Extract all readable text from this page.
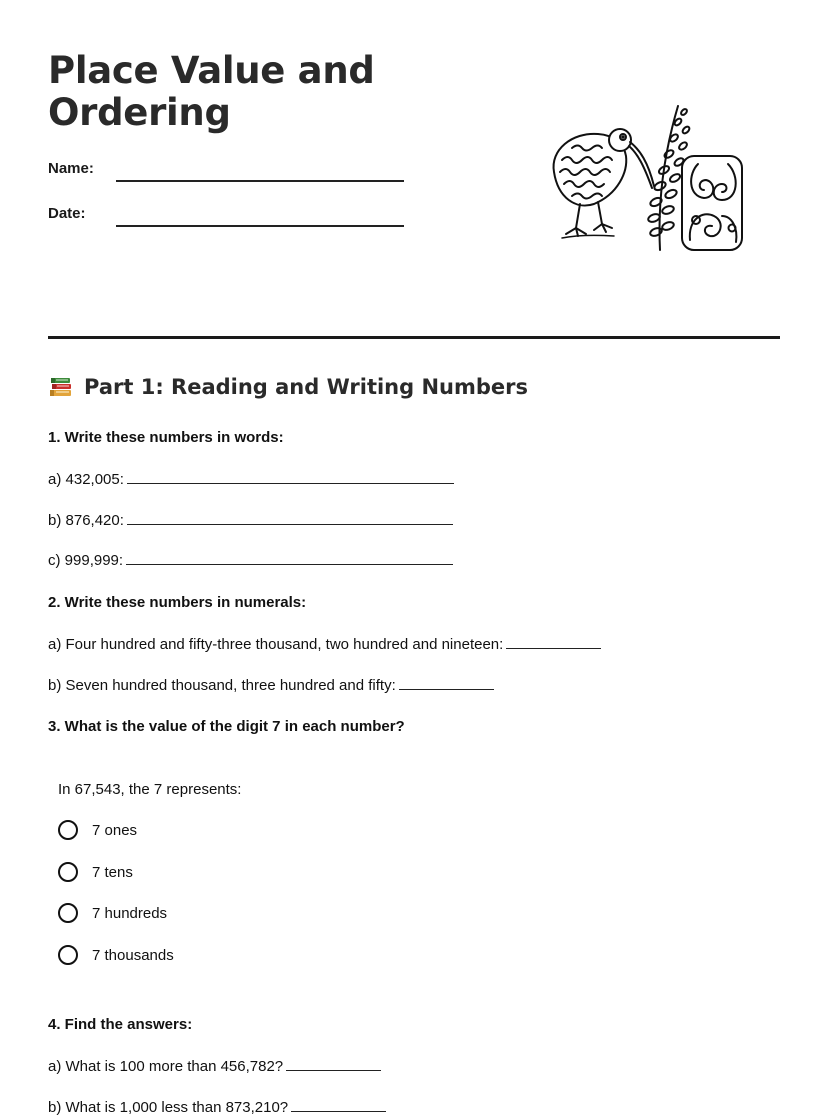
Place Value and
Ordering
Name:
Date:
Part 1: Reading and Writing Numbers
1. Write these numbers in words:
a) 432,005:
b) 876,420:
c) 999,999:
2. Write these numbers in numerals:
a) Four hundred and fifty-three thousand, two hundred and nineteen:
b) Seven hundred thousand, three hundred and fifty:
3. What is the value of the digit 7 in each number?
In 67,543, the 7 represents:
7 ones
7 tens
7 hundreds
7 thousands
4. Find the answers:
a) What is 100 more than 456,782?
b) What is 1,000 less than 873,210?
